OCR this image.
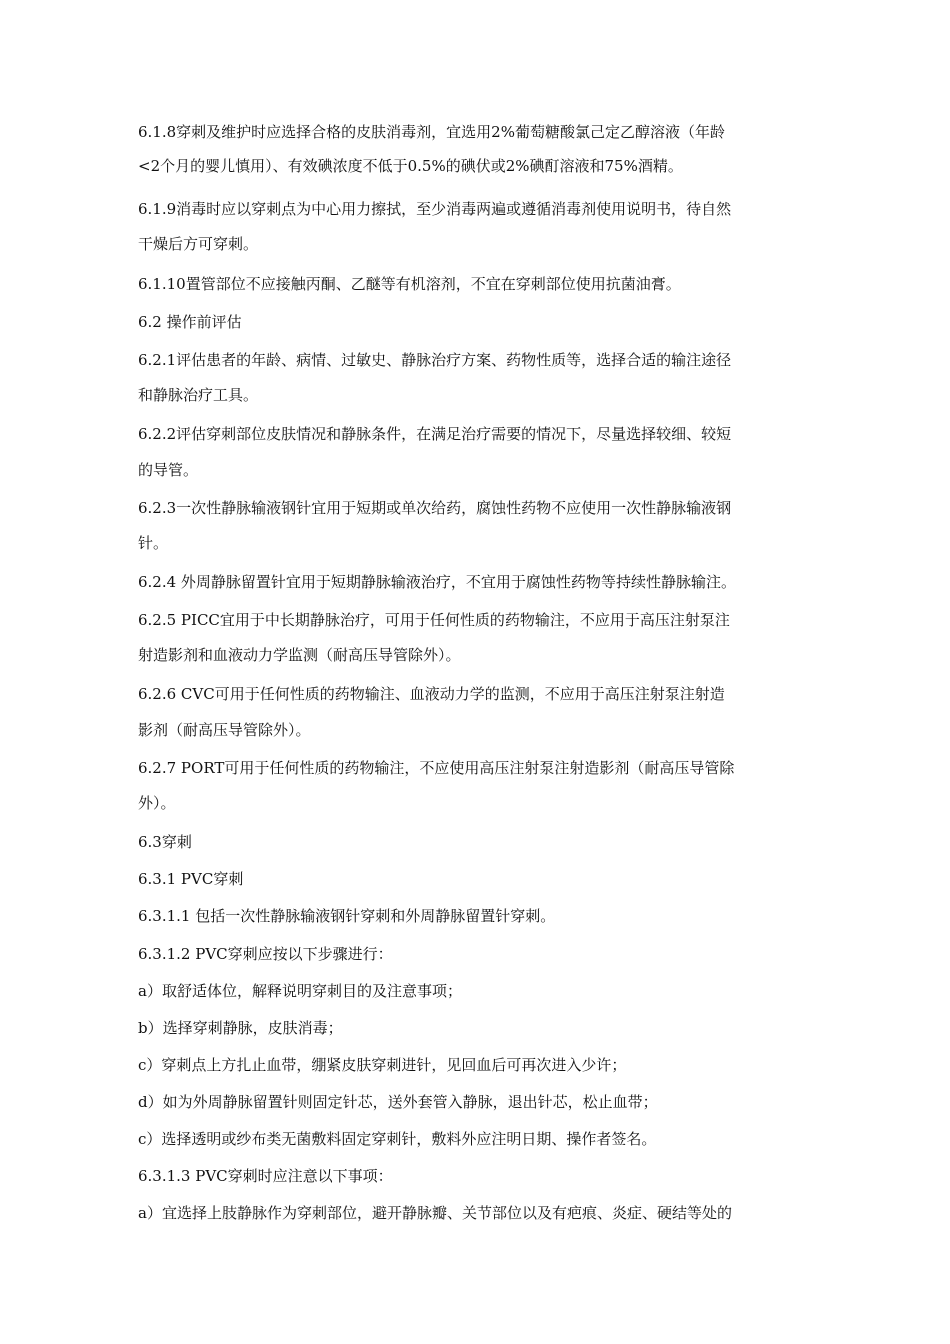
6.1.8穿刺及维护时应选择合格的皮肤消毒剂，宜选用2%葡萄糖酸氯己定乙醇溶液（年龄
<2个月的婴儿慎用）、有效碘浓度不低于0.5%的碘伏或2%碘酊溶液和75%酒精。
6.1.9消毒时应以穿刺点为中心用力擦拭，至少消毒两遍或遵循消毒剂使用说明书，待自然
干燥后方可穿刺。
6.1.10置管部位不应接触丙酮、乙醚等有机溶剂，不宜在穿刺部位使用抗菌油膏。
6.2 操作前评估
6.2.1评估患者的年龄、病情、过敏史、静脉治疗方案、药物性质等，选择合适的输注途径
和静脉治疗工具。
6.2.2评估穿刺部位皮肤情况和静脉条件，在满足治疗需要的情况下，尽量选择较细、较短
的导管。
6.2.3一次性静脉输液钢针宜用于短期或单次给药，腐蚀性药物不应使用一次性静脉输液钢
针。
6.2.4 外周静脉留置针宜用于短期静脉输液治疗，不宜用于腐蚀性药物等持续性静脉输注。
6.2.5 PICC宜用于中长期静脉治疗，可用于任何性质的药物输注，不应用于高压注射泵注
射造影剂和血液动力学监测（耐高压导管除外）。
6.2.6 CVC可用于任何性质的药物输注、血液动力学的监测，不应用于高压注射泵注射造
影剂（耐高压导管除外）。
6.2.7 PORT可用于任何性质的药物输注，不应使用高压注射泵注射造影剂（耐高压导管除
外）。
6.3穿刺
6.3.1 PVC穿刺
6.3.1.1 包括一次性静脉输液钢针穿刺和外周静脉留置针穿刺。
6.3.1.2 PVC穿刺应按以下步骤进行：
a）取舒适体位，解释说明穿刺目的及注意事项；
b）选择穿刺静脉，皮肤消毒；
c）穿刺点上方扎止血带，绷紧皮肤穿刺进针，见回血后可再次进入少许；
d）如为外周静脉留置针则固定针芯，送外套管入静脉，退出针芯，松止血带；
c）选择透明或纱布类无菌敷料固定穿刺针，敷料外应注明日期、操作者签名。
6.3.1.3 PVC穿刺时应注意以下事项：
a）宜选择上肢静脉作为穿刺部位，避开静脉瓣、关节部位以及有疤痕、炎症、硬结等处的
